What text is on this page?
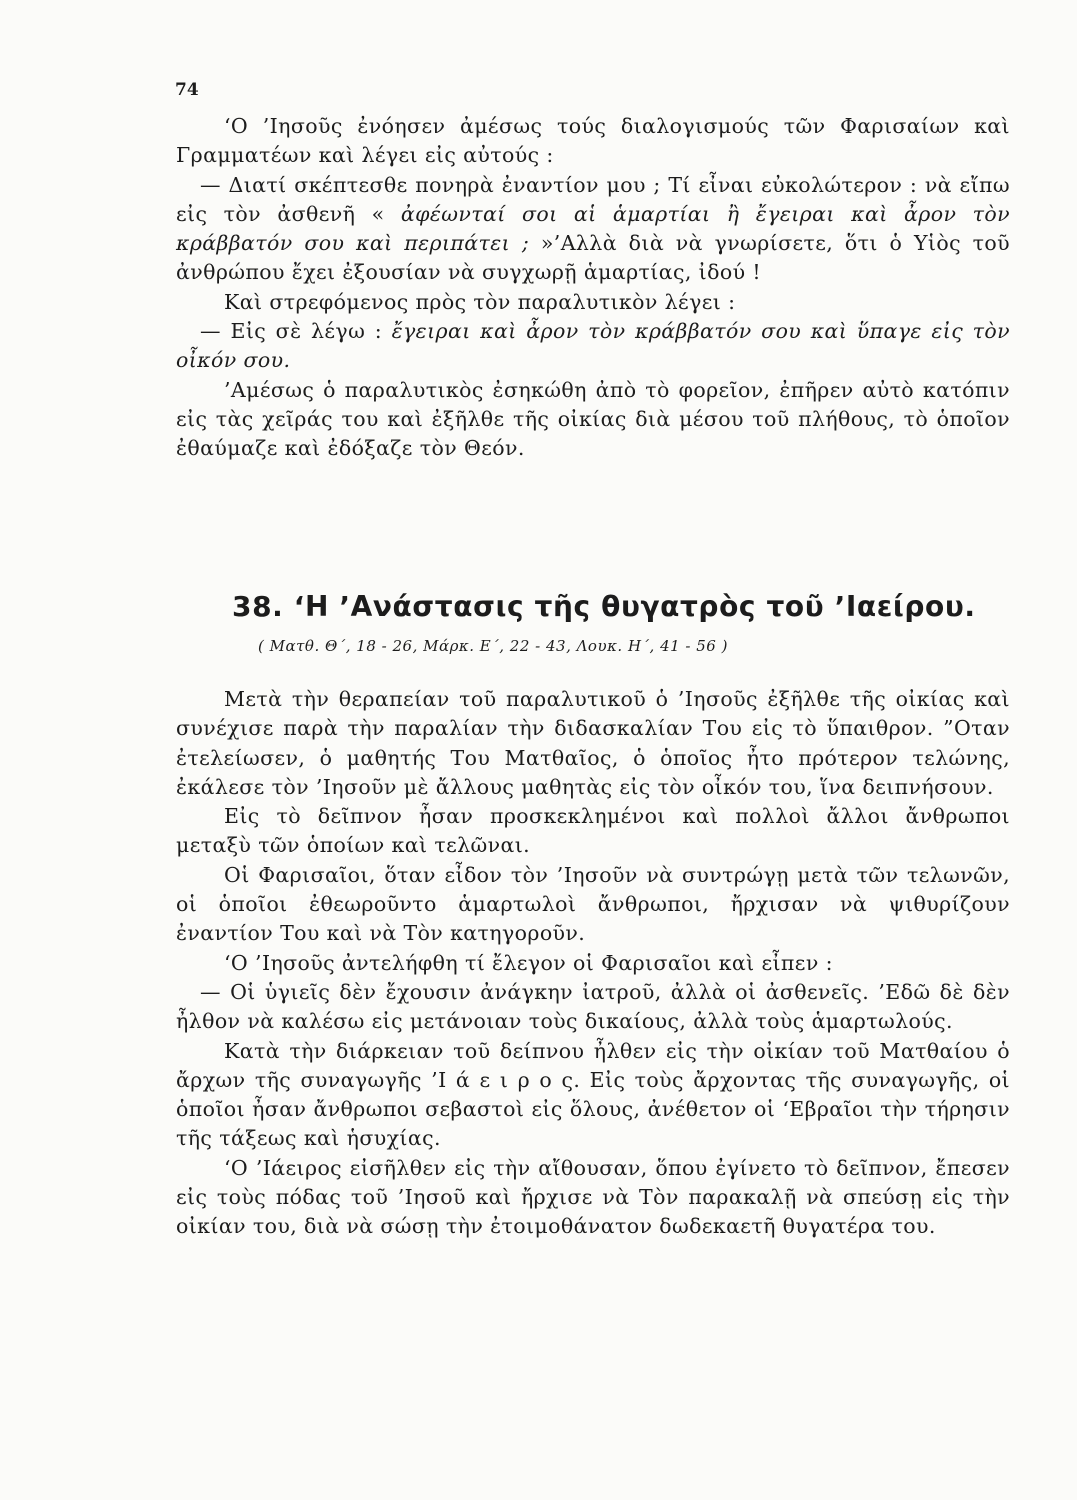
74

‘Ο ’Ιησοῦς ἐνόησεν ἀμέσως τούς διαλογισμούς τῶν Φαρισαίων καὶ Γραμματέων καὶ λέγει εἰς αὐτούς :

— Διατί σκέπτεσθε πονηρὰ ἐναντίον μου ; Τί εἶναι εὐκολώτερον : νὰ εἴπω εἰς τὸν ἀσθενῆ « ἀφέωνταί σοι αἱ ἁμαρτίαι ἢ ἔγειραι καὶ ἆρον τὸν κράββατόν σου καὶ περιπάτει ; »’Αλλὰ διὰ νὰ γνωρίσετε, ὅτι ὁ Υἱὸς τοῦ ἀνθρώπου ἔχει ἐξουσίαν νὰ συγχωρῇ ἁμαρτίας, ἰδού !

Καὶ στρεφόμενος πρὸς τὸν παραλυτικὸν λέγει :

— Εἰς σὲ λέγω : ἔγειραι καὶ ἆρον τὸν κράββατόν σου καὶ ὕπαγε εἰς τὸν οἶκόν σου.

’Αμέσως ὁ παραλυτικὸς ἐσηκώθη ἀπὸ τὸ φορεῖον, ἐπῆρεν αὐτὸ κατόπιν εἰς τὰς χεῖράς του καὶ ἐξῆλθε τῆς οἰκίας διὰ μέσου τοῦ πλήθους, τὸ ὁποῖον ἐθαύμαζε καὶ ἐδόξαζε τὸν Θεόν.

38. ‘Η ’Ανάστασις τῆς θυγατρὸς τοῦ ’Ιαείρου.
( Ματθ. Θ΄, 18 - 26, Μάρκ. Ε΄, 22 - 43, Λουκ. Η΄, 41 - 56 )

Μετὰ τὴν θεραπείαν τοῦ παραλυτικοῦ ὁ ’Ιησοῦς ἐξῆλθε τῆς οἰκίας καὶ συνέχισε παρὰ τὴν παραλίαν τὴν διδασκαλίαν Του εἰς τὸ ὕπαιθρον. ”Οταν ἐτελείωσεν, ὁ μαθητής Του Ματθαῖος, ὁ ὁποῖος ἦτο πρότερον τελώνης, ἐκάλεσε τὸν ’Ιησοῦν μὲ ἄλλους μαθητὰς εἰς τὸν οἶκόν του, ἵνα δειπνήσουν.

Εἰς τὸ δεῖπνον ἦσαν προσκεκλημένοι καὶ πολλοὶ ἄλλοι ἄνθρωποι μεταξὺ τῶν ὁποίων καὶ τελῶναι.

Οἱ Φαρισαῖοι, ὅταν εἶδον τὸν ’Ιησοῦν νὰ συντρώγῃ μετὰ τῶν τελωνῶν, οἱ ὁποῖοι ἐθεωροῦντο ἁμαρτωλοὶ ἄνθρωποι, ἤρχισαν νὰ ψιθυρίζουν ἐναντίον Του καὶ νὰ Τὸν κατηγοροῦν.

‘Ο ’Ιησοῦς ἀντελήφθη τί ἔλεγον οἱ Φαρισαῖοι καὶ εἶπεν :

— Οἱ ὑγιεῖς δὲν ἔχουσιν ἀνάγκην ἰατροῦ, ἀλλὰ οἱ ἀσθενεῖς. ’Εδῶ δὲ δὲν ἦλθον νὰ καλέσω εἰς μετάνοιαν τοὺς δικαίους, ἀλλὰ τοὺς ἁμαρτωλούς.

Κατὰ τὴν διάρκειαν τοῦ δείπνου ἦλθεν εἰς τὴν οἰκίαν τοῦ Ματθαίου ὁ ἄρχων τῆς συναγωγῆς ’Ι ά ε ι ρ ο ς. Εἰς τοὺς ἄρχοντας τῆς συναγωγῆς, οἱ ὁποῖοι ἦσαν ἄνθρωποι σεβαστοὶ εἰς ὅλους, ἀνέθετον οἱ ‘Εβραῖοι τὴν τήρησιν τῆς τάξεως καὶ ἡσυχίας.

‘Ο ’Ιάειρος εἰσῆλθεν εἰς τὴν αἴθουσαν, ὅπου ἐγίνετο τὸ δεῖπνον, ἔπεσεν εἰς τοὺς πόδας τοῦ ’Ιησοῦ καὶ ἤρχισε νὰ Τὸν παρακαλῇ νὰ σπεύσῃ εἰς τὴν οἰκίαν του, διὰ νὰ σώσῃ τὴν ἐτοιμοθάνατον δωδεκαετῆ θυγατέρα του.
